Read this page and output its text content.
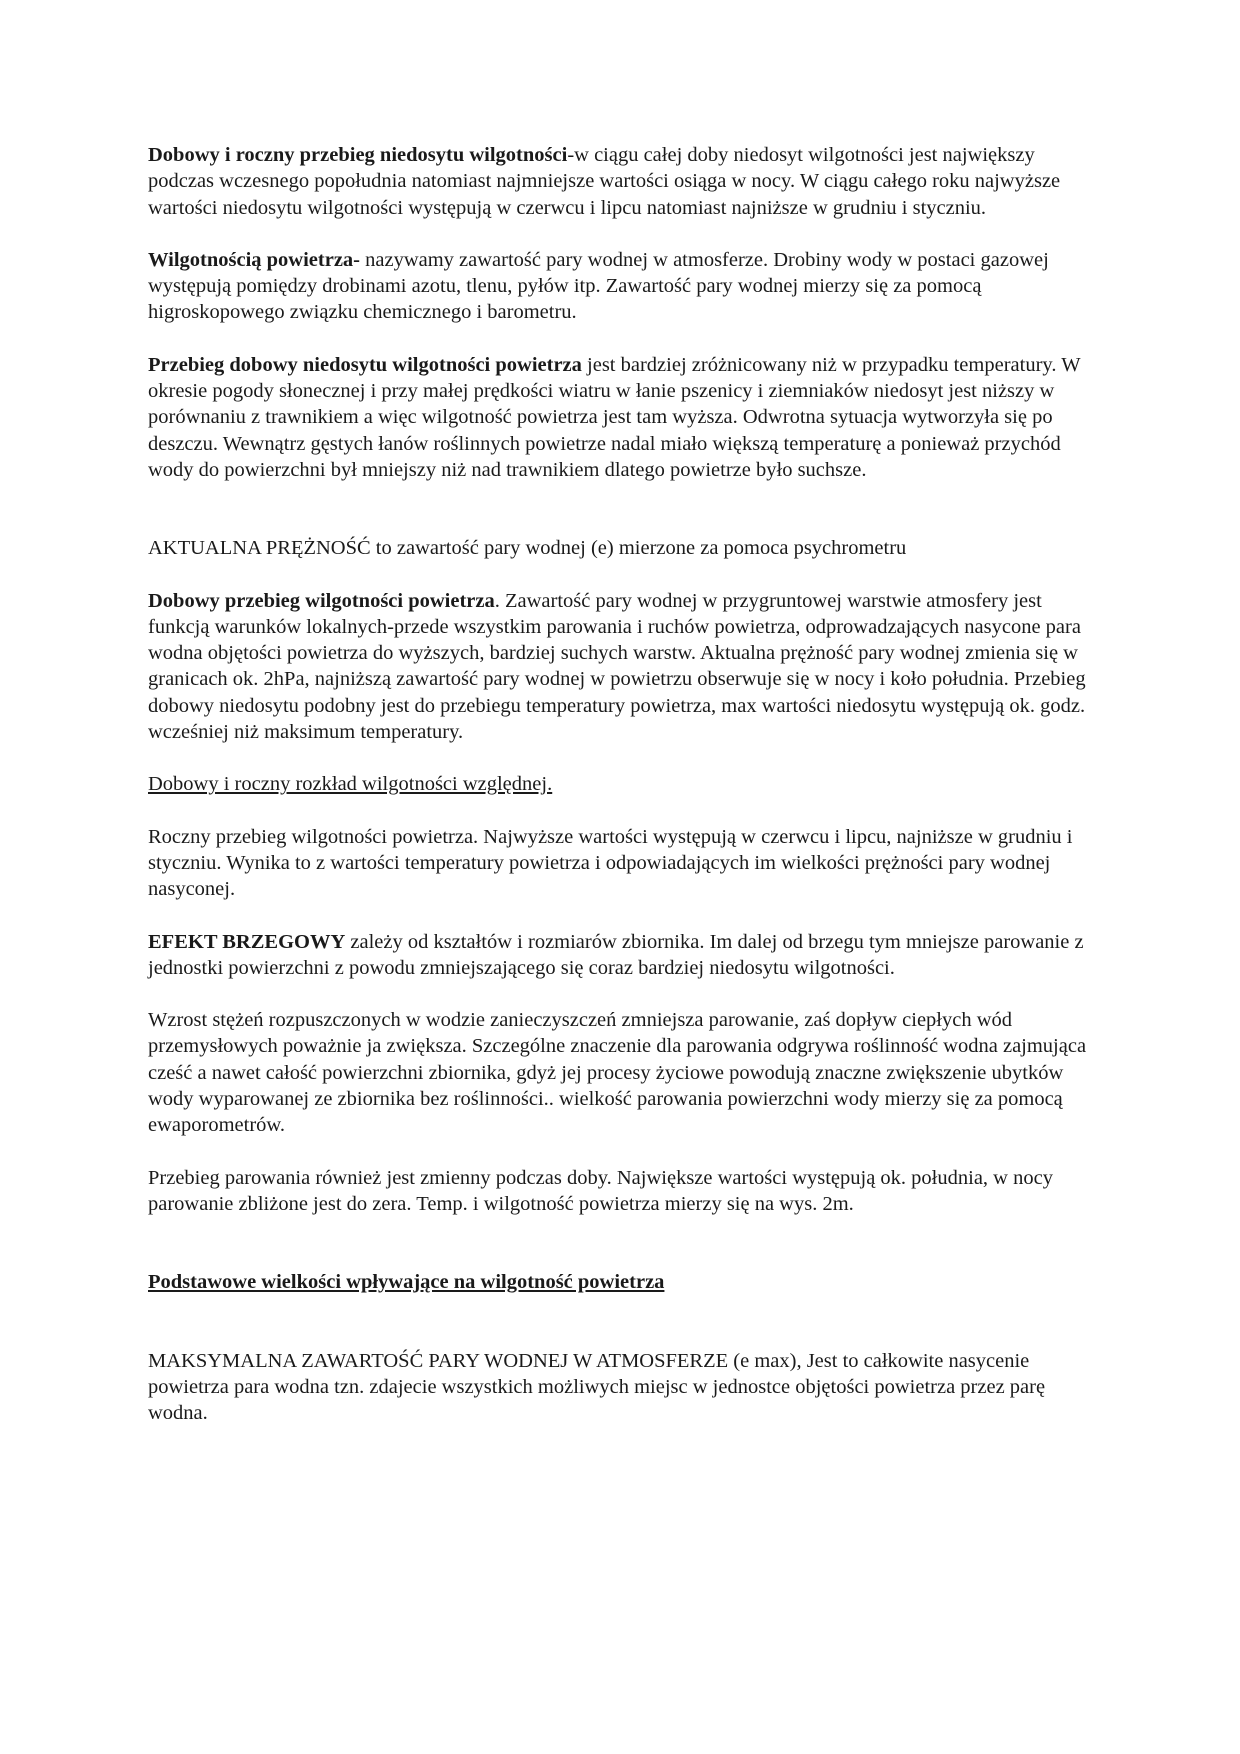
Dobowy i roczny przebieg niedosytu wilgotności-w ciągu całej doby niedosyt wilgotności jest największy podczas wczesnego popołudnia natomiast najmniejsze wartości osiąga w nocy. W ciągu całego roku najwyższe wartości niedosytu wilgotności występują w czerwcu i lipcu natomiast najniższe w grudniu i styczniu.

Wilgotnością powietrza- nazywamy zawartość pary wodnej w atmosferze. Drobiny wody w postaci gazowej występują pomiędzy drobinami azotu, tlenu, pyłów itp. Zawartość pary wodnej mierzy się za pomocą higroskopowego związku chemicznego i barometru.

Przebieg dobowy niedosytu wilgotności powietrza jest bardziej zróżnicowany niż w przypadku temperatury. W okresie pogody słonecznej i przy małej prędkości wiatru w łanie pszenicy i ziemniaków niedosyt jest niższy w porównaniu z trawnikiem a więc wilgotność powietrza jest tam wyższa. Odwrotna sytuacja wytworzyła się po deszczu. Wewnątrz gęstych łanów roślinnych powietrze nadal miało większą temperaturę a ponieważ przychód wody do powierzchni był mniejszy niż nad trawnikiem dlatego powietrze było suchsze.

AKTUALNA PRĘŻNOŚĆ to zawartość pary wodnej (e) mierzone za pomoca psychrometru

Dobowy przebieg wilgotności powietrza. Zawartość pary wodnej w przygruntowej warstwie atmosfery jest funkcją warunków lokalnych-przede wszystkim parowania i ruchów powietrza, odprowadzających nasycone para wodna objętości powietrza do wyższych, bardziej suchych warstw. Aktualna prężność pary wodnej zmienia się w granicach ok. 2hPa, najniższą zawartość pary wodnej w powietrzu obserwuje się w nocy i koło południa. Przebieg dobowy niedosytu podobny jest do przebiegu temperatury powietrza, max wartości niedosytu występują ok. godz. wcześniej niż maksimum temperatury.

Dobowy i roczny rozkład wilgotności względnej.

Roczny przebieg wilgotności powietrza. Najwyższe wartości występują w czerwcu i lipcu, najniższe w grudniu i styczniu. Wynika to z wartości temperatury powietrza i odpowiadających im wielkości prężności pary wodnej nasyconej.

EFEKT BRZEGOWY zależy od kształtów i rozmiarów zbiornika. Im dalej od brzegu tym mniejsze parowanie z jednostki powierzchni z powodu zmniejszającego się coraz bardziej niedosytu wilgotności.

Wzrost stężeń rozpuszczonych w wodzie zanieczyszczeń zmniejsza parowanie, zaś dopływ ciepłych wód przemysłowych poważnie ja zwiększa. Szczególne znaczenie dla parowania odgrywa roślinność wodna zajmująca cześć a nawet całość powierzchni zbiornika, gdyż jej procesy życiowe powodują znaczne zwiększenie ubytków wody wyparowanej ze zbiornika bez roślinności.. wielkość parowania powierzchni wody mierzy się za pomocą ewaporometrów.

Przebieg parowania również jest zmienny podczas doby. Największe wartości występują ok. południa, w nocy parowanie zbliżone jest do zera. Temp. i wilgotność powietrza mierzy się na wys. 2m.

Podstawowe wielkości wpływające na wilgotność powietrza

MAKSYMALNA ZAWARTOŚĆ PARY WODNEJ W ATMOSFERZE (e max), Jest to całkowite nasycenie powietrza para wodna tzn. zdajecie wszystkich możliwych miejsc w jednostce objętości powietrza przez parę wodna.
